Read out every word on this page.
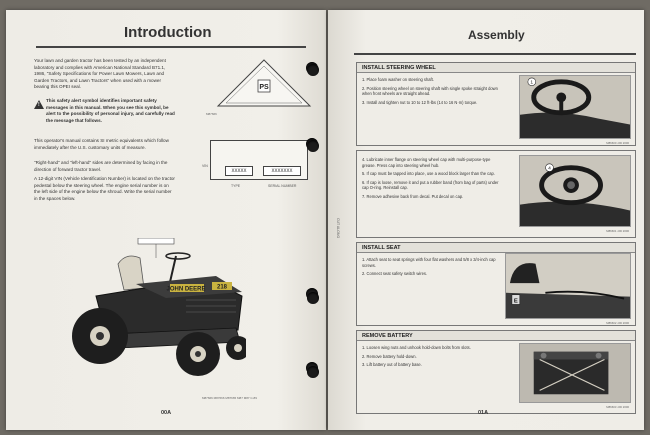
Introduction
Your lawn and garden tractor has been tested by an independent laboratory and complies with American National Standard B71.1, 1986, "Safety Specifications for Power Lawn Mowers, Lawn and Garden Tractors, and Lawn Tractors" when used with a mower bearing this OPEI seal.
!
This safety alert symbol identifies important safety messages in this manual. When you see this symbol, be alert to the possibility of personal injury, and carefully read the message that follows.
This operator's manual contains SI metric equivalents which follow immediately after the U.S. customary units of measure.
"Right-hand" and "left-hand" sides are determined by facing in the direction of forward tractor travel.
A 12-digit VIN (Vehicle Identification Number) is located on the tractor pedestal below the steering wheel. The engine serial number is on the left side of the engine below the shroud. Write the serial number in the spaces below.
PS
M87666
XXXXX	XXXXXXX
VIN
TYPE	SERIAL NUMBER
JOHN DEERE 218
M87666 M87666 M87665 M87 M87 C-89
00A
CUT ALONG
Assembly
INSTALL STEERING WHEEL
1. Place foam washer on steering shaft.
2. Position steering wheel on steering shaft with single spoke straight down when front wheels are straight ahead.
3. Install and tighten nut to 10 to 12 ft-lbs (14 to 16 N·m) torque.
1
M86600 JJD 2000
4. Lubricate inner flange on steering wheel cap with multi-purpose-type grease. Press cap into steering wheel hub.
5. If cap must be tapped into place, use a wood block larger than the cap.
6. If cap is loose, remove it and put a rubber band (from bag of parts) under cap O-ring. Reinstall cap.
7. Remove adhesive back from decal. Put decal on cap.
4
M86601 JJD 2000
INSTALL SEAT
1. Attach seat to seat springs with four flat washers and 5/8 x 3/4-inch cap screws.
2. Connect seat safety switch wires.
E
M86602 JJD 2000
REMOVE BATTERY
1. Loosen wing nuts and unhook hold-down bolts from slots.
2. Remove battery hold-down.
3. Lift battery out of battery base.
M86603 JJD 2000
01A
